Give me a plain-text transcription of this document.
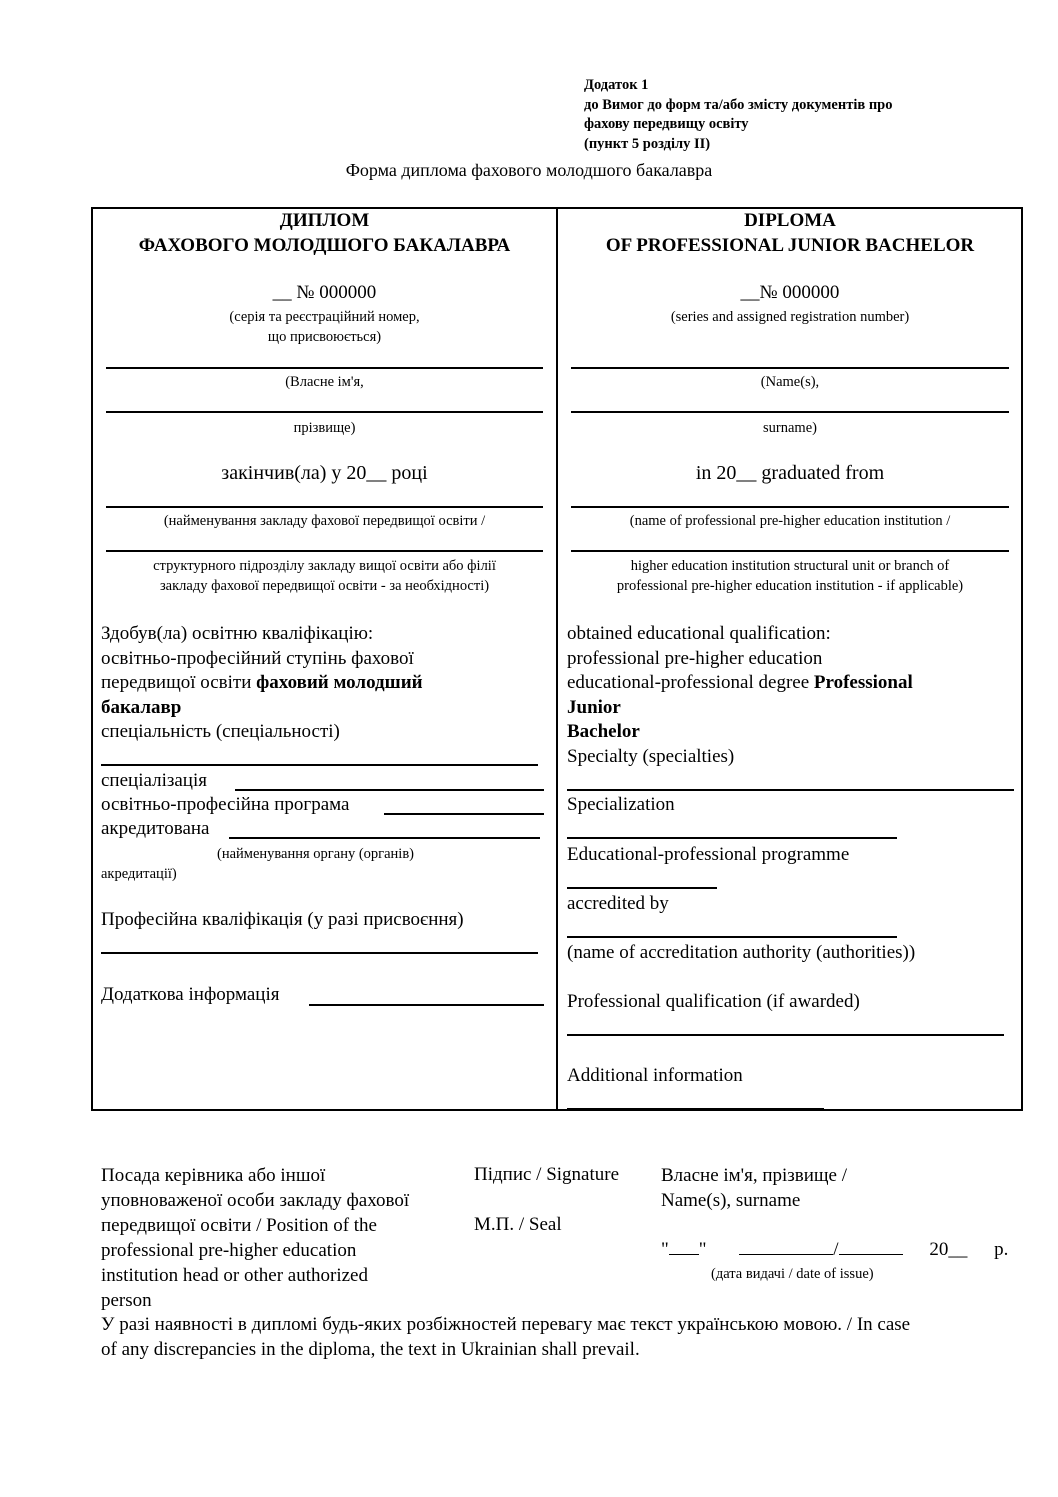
Додаток 1
до Вимог до форм та/або змісту документів про
фахову передвищу освіту
(пункт 5 розділу II)
Форма диплома фахового молодшого бакалавра
ДИПЛОМ
ФАХОВОГО МОЛОДШОГО БАКАЛАВРА
__ № 000000
(серія та реєстраційний номер,
що присвоюється)
(Власне ім'я,
прізвище)
закінчив(ла) у 20__ році
(найменування закладу фахової передвищої освіти /
структурного підрозділу закладу вищої освіти або філії
закладу фахової передвищої освіти - за необхідності)
Здобув(ла) освітню кваліфікацію:
освітньо-професійний ступінь фахової
передвищої освіти фаховий молодший
бакалавр
спеціальність (спеціальності)
спеціалізація
освітньо-професійна програма
акредитована
(найменування органу (органів)
акредитації)
Професійна кваліфікація (у разі присвоєння)
Додаткова інформація
DIPLOMA
OF PROFESSIONAL JUNIOR BACHELOR
__№ 000000
(series and assigned registration number)
(Name(s),
surname)
in 20__ graduated from
(name of professional pre-higher education institution /
higher education institution structural unit or branch of
professional pre-higher education institution - if applicable)
obtained educational qualification:
professional pre-higher education
educational-professional degree Professional
Junior
Bachelor
Specialty (specialties)
Specialization
Educational-professional programme
accredited by
(name of accreditation authority (authorities))
Professional qualification (if awarded)
Additional information
Посада керівника або іншої
уповноваженої особи закладу фахової
передвищої освіти / Position of the
professional pre-higher education
institution head or other authorized
person
Підпис / Signature
М.П. / Seal
Власне ім'я, прізвище /
Name(s), surname
" "	/	20__ р.
(дата видачі / date of issue)
У разі наявності в дипломі будь-яких розбіжностей перевагу має текст українською мовою. / In case
of any discrepancies in the diploma, the text in Ukrainian shall prevail.
